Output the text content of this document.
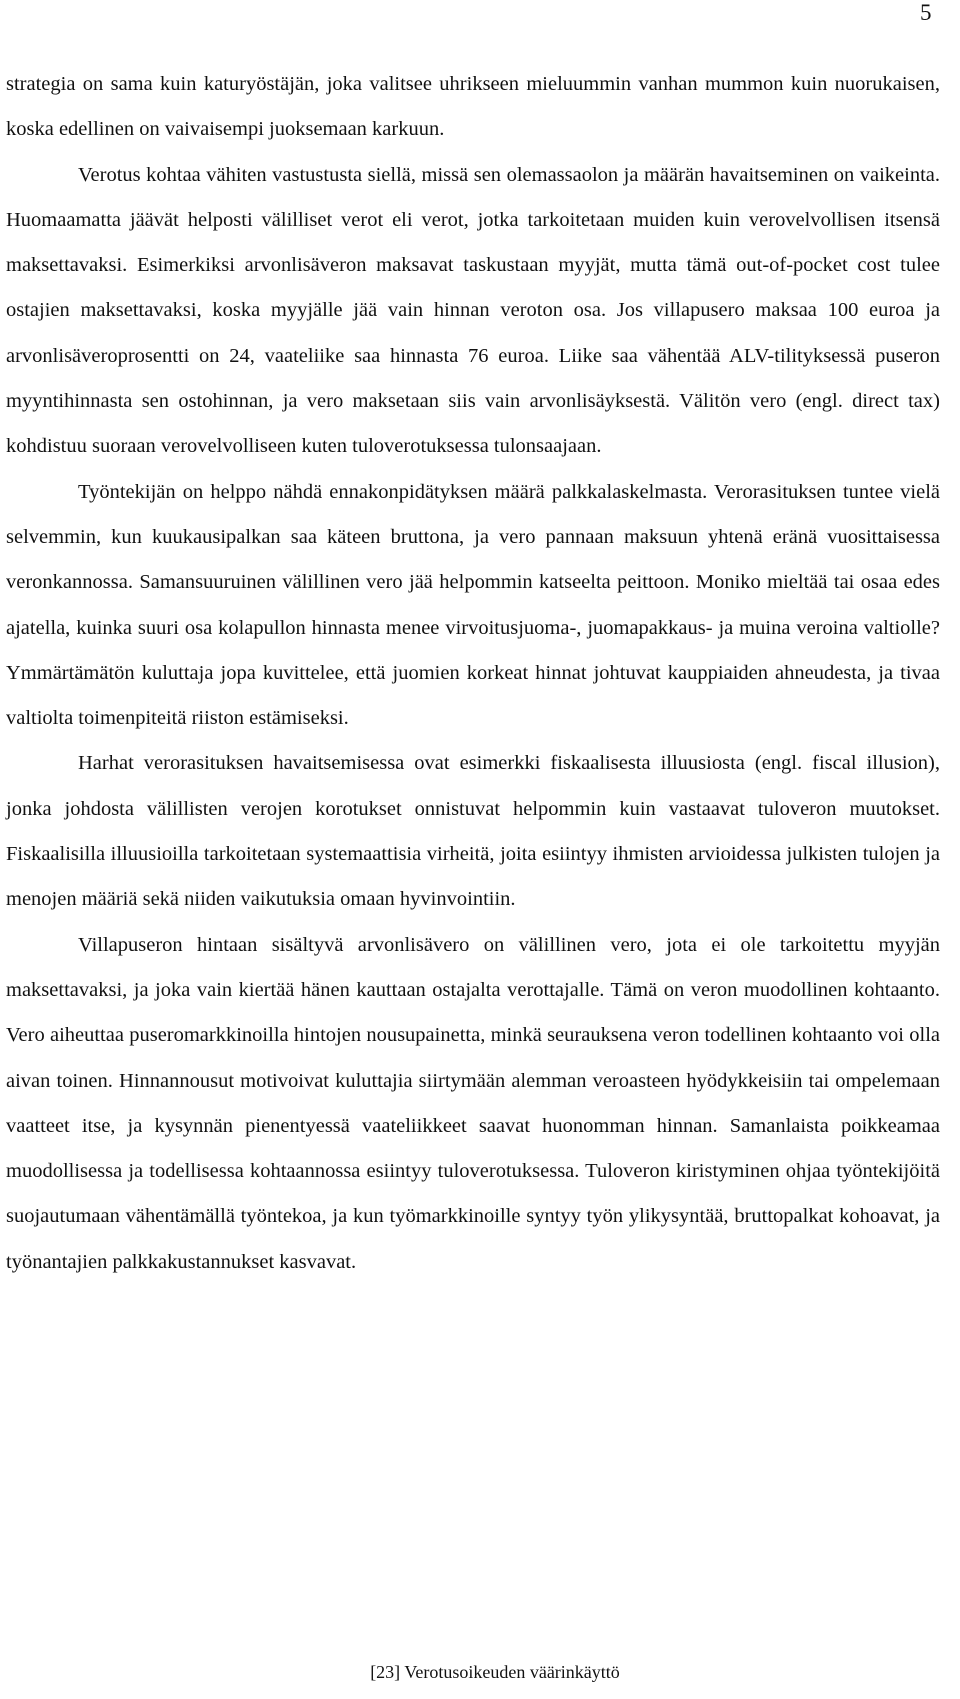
5

strategia on sama kuin katuryöstäjän, joka valitsee uhrikseen mieluummin vanhan mummon kuin nuorukaisen, koska edellinen on vaivaisempi juoksemaan karkuun.

Verotus kohtaa vähiten vastustusta siellä, missä sen olemassaolon ja määrän havaitseminen on vaikeinta. Huomaamatta jäävät helposti välilliset verot eli verot, jotka tarkoitetaan muiden kuin verovelvollisen itsensä maksettavaksi. Esimerkiksi arvonlisäveron maksavat taskustaan myyjät, mutta tämä out-of-pocket cost tulee ostajien maksettavaksi, koska myyjälle jää vain hinnan veroton osa. Jos villapusero maksaa 100 euroa ja arvonlisäveroprosentti on 24, vaateliike saa hinnasta 76 euroa. Liike saa vähentää ALV-tilityksessä puseron myyntihinnasta sen ostohinnan, ja vero maksetaan siis vain arvonlisäyksestä. Välitön vero (engl. direct tax) kohdistuu suoraan verovelvolliseen kuten tuloverotuksessa tulonsaajaan.

Työntekijän on helppo nähdä ennakonpidätyksen määrä palkkalaskelmasta. Verorasituksen tuntee vielä selvemmin, kun kuukausipalkan saa käteen bruttona, ja vero pannaan maksuun yhtenä eränä vuosittaisessa veronkannossa. Samansuuruinen välillinen vero jää helpommin katseelta peittoon. Moniko mieltää tai osaa edes ajatella, kuinka suuri osa kolapullon hinnasta menee virvoitusjuoma-, juomapakkaus- ja muina veroina valtiolle? Ymmärtämätön kuluttaja jopa kuvittelee, että juomien korkeat hinnat johtuvat kauppiaiden ahneudesta, ja tivaa valtiolta toimenpiteitä riiston estämiseksi.

Harhat verorasituksen havaitsemisessa ovat esimerkki fiskaalisesta illuusiosta (engl. fiscal illusion), jonka johdosta välillisten verojen korotukset onnistuvat helpommin kuin vastaavat tuloveron muutokset. Fiskaalisilla illuusioilla tarkoitetaan systemaattisia virheitä, joita esiintyy ihmisten arvioidessa julkisten tulojen ja menojen määriä sekä niiden vaikutuksia omaan hyvinvointiin.

Villapuseron hintaan sisältyvä arvonlisävero on välillinen vero, jota ei ole tarkoitettu myyjän maksettavaksi, ja joka vain kiertää hänen kauttaan ostajalta verottajalle. Tämä on veron muodollinen kohtaanto. Vero aiheuttaa puseromarkkinoilla hintojen nousupainetta, minkä seurauksena veron todellinen kohtaanto voi olla aivan toinen. Hinnannousut motivoivat kuluttajia siirtymään alemman veroasteen hyödykkeisiin tai ompelemaan vaatteet itse, ja kysynnän pienentyessä vaateliikkeet saavat huonomman hinnan. Samanlaista poikkeamaa muodollisessa ja todellisessa kohtaannossa esiintyy tuloverotuksessa. Tuloveron kiristyminen ohjaa työntekijöitä suojautumaan vähentämällä työntekoa, ja kun työmarkkinoille syntyy työn ylikysyntää, bruttopalkat kohoavat, ja työnantajien palkkakustannukset kasvavat.

[23] Verotusoikeuden väärinkäyttö
